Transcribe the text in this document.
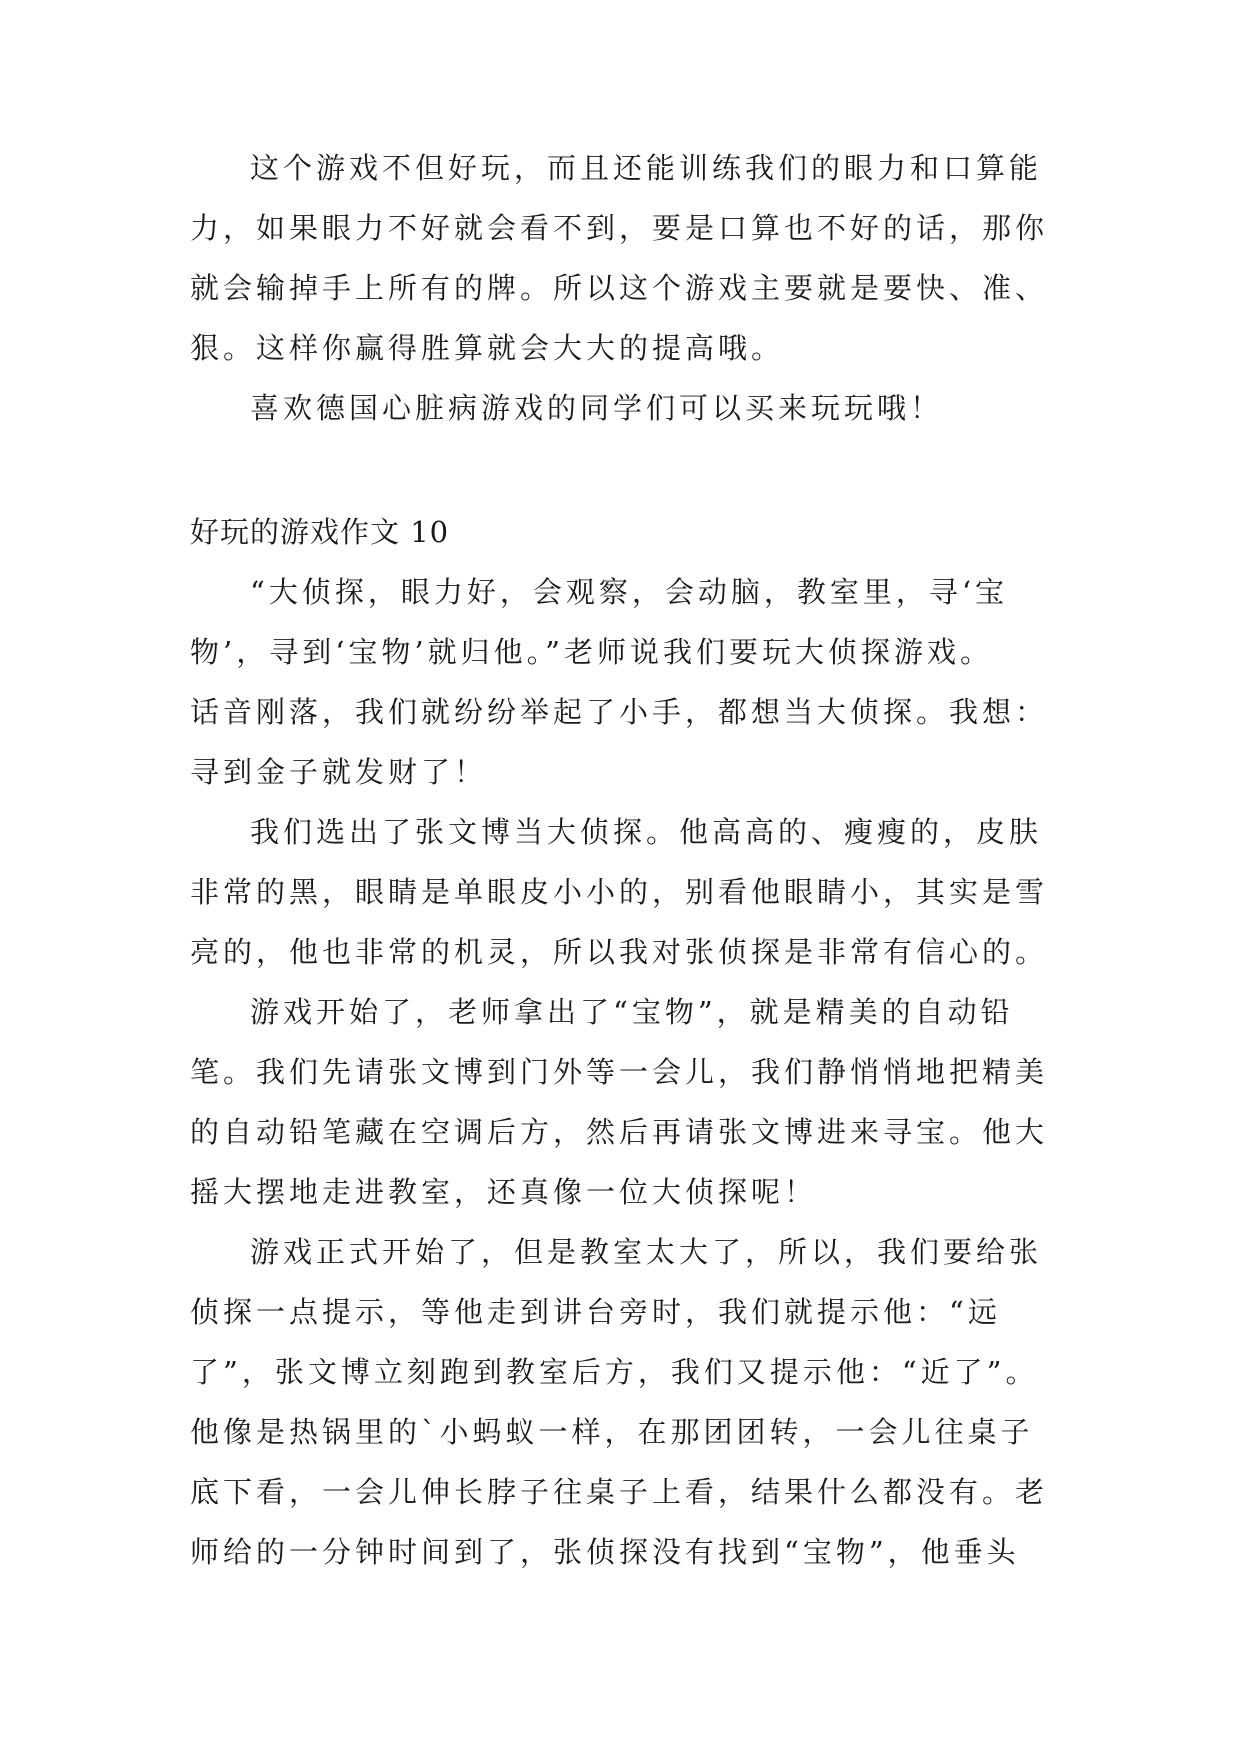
这个游戏不但好玩，而且还能训练我们的眼力和口算能
力，如果眼力不好就会看不到，要是口算也不好的话，那你
就会输掉手上所有的牌。所以这个游戏主要就是要快、准、
狠。这样你赢得胜算就会大大的提高哦。
喜欢德国心脏病游戏的同学们可以买来玩玩哦！
好玩的游戏作文 10
“大侦探，眼力好，会观察，会动脑，教室里，寻‘宝
物’，寻到‘宝物’就归他。”老师说我们要玩大侦探游戏。
话音刚落，我们就纷纷举起了小手，都想当大侦探。我想：
寻到金子就发财了！
我们选出了张文博当大侦探。他高高的、瘦瘦的，皮肤
非常的黑，眼睛是单眼皮小小的，别看他眼睛小，其实是雪
亮的，他也非常的机灵，所以我对张侦探是非常有信心的。
游戏开始了，老师拿出了“宝物”，就是精美的自动铅
笔。我们先请张文博到门外等一会儿，我们静悄悄地把精美
的自动铅笔藏在空调后方，然后再请张文博进来寻宝。他大
摇大摆地走进教室，还真像一位大侦探呢！
游戏正式开始了，但是教室太大了，所以，我们要给张
侦探一点提示，等他走到讲台旁时，我们就提示他：“远
了”，张文博立刻跑到教室后方，我们又提示他：“近了”。
他像是热锅里的`小蚂蚁一样，在那团团转，一会儿往桌子
底下看，一会儿伸长脖子往桌子上看，结果什么都没有。老
师给的一分钟时间到了，张侦探没有找到“宝物”，他垂头
